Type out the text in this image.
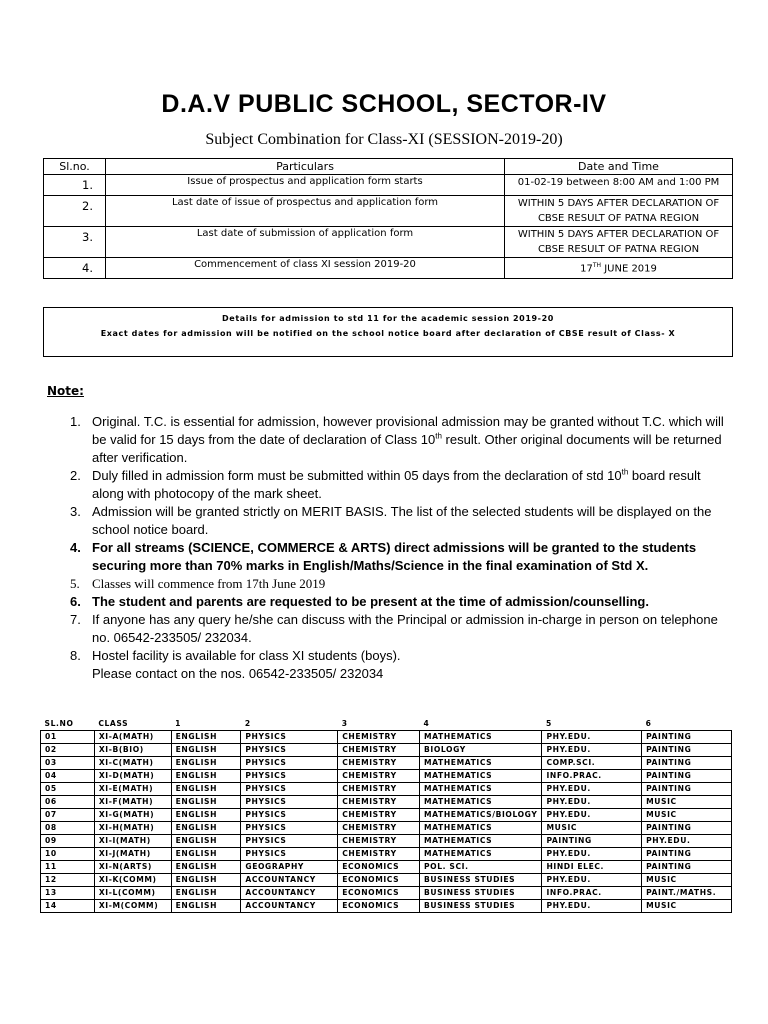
D.A.V PUBLIC SCHOOL, SECTOR-IV
Subject Combination for Class-XI (SESSION-2019-20)
Sl.no.	Particulars	Date and Time
1.	Issue of prospectus and application form starts	01-02-19 between 8:00 AM and 1:00 PM
2.	Last date of issue of prospectus and application form	WITHIN 5 DAYS AFTER DECLARATION OF CBSE RESULT OF PATNA REGION
3.	Last date of submission of application form	WITHIN 5 DAYS AFTER DECLARATION OF CBSE RESULT OF PATNA REGION
4.	Commencement of class XI session 2019-20	17TH JUNE 2019
Details for admission to std 11 for the academic session 2019-20
Exact dates for admission will be notified on the school notice board after declaration of CBSE result of Class- X
Note:
1. Original. T.C. is essential for admission, however provisional admission may be granted without T.C. which will be valid for 15 days from the date of declaration of Class 10th result. Other original documents will be returned after verification.
2. Duly filled in admission form must be submitted within 05 days from the declaration of std 10th board result along with photocopy of the mark sheet.
3. Admission will be granted strictly on MERIT BASIS. The list of the selected students will be displayed on the school notice board.
4. For all streams (SCIENCE, COMMERCE & ARTS) direct admissions will be granted to the students securing more than 70% marks in English/Maths/Science in the final examination of Std X.
5. Classes will commence from 17th June 2019
6. The student and parents are requested to be present at the time of admission/counselling.
7. If anyone has any query he/she can discuss with the Principal or admission in-charge in person on telephone no. 06542-233505/ 232034.
8. Hostel facility is available for class XI students (boys).
Please contact on the nos. 06542-233505/ 232034
SL.NO	CLASS	1	2	3	4	5	6
01	XI-A(MATH)	ENGLISH	PHYSICS	CHEMISTRY	MATHEMATICS	PHY.EDU.	PAINTING
02	XI-B(BIO)	ENGLISH	PHYSICS	CHEMISTRY	BIOLOGY	PHY.EDU.	PAINTING
03	XI-C(MATH)	ENGLISH	PHYSICS	CHEMISTRY	MATHEMATICS	COMP.SCI.	PAINTING
04	XI-D(MATH)	ENGLISH	PHYSICS	CHEMISTRY	MATHEMATICS	INFO.PRAC.	PAINTING
05	XI-E(MATH)	ENGLISH	PHYSICS	CHEMISTRY	MATHEMATICS	PHY.EDU.	PAINTING
06	XI-F(MATH)	ENGLISH	PHYSICS	CHEMISTRY	MATHEMATICS	PHY.EDU.	MUSIC
07	XI-G(MATH)	ENGLISH	PHYSICS	CHEMISTRY	MATHEMATICS/BIOLOGY	PHY.EDU.	MUSIC
08	XI-H(MATH)	ENGLISH	PHYSICS	CHEMISTRY	MATHEMATICS	MUSIC	PAINTING
09	XI-I(MATH)	ENGLISH	PHYSICS	CHEMISTRY	MATHEMATICS	PAINTING	PHY.EDU.
10	XI-J(MATH)	ENGLISH	PHYSICS	CHEMISTRY	MATHEMATICS	PHY.EDU.	PAINTING
11	XI-N(ARTS)	ENGLISH	GEOGRAPHY	ECONOMICS	POL. SCI.	HINDI ELEC.	PAINTING
12	XI-K(COMM)	ENGLISH	ACCOUNTANCY	ECONOMICS	BUSINESS STUDIES	PHY.EDU.	MUSIC
13	XI-L(COMM)	ENGLISH	ACCOUNTANCY	ECONOMICS	BUSINESS STUDIES	INFO.PRAC.	PAINT./MATHS.
14	XI-M(COMM)	ENGLISH	ACCOUNTANCY	ECONOMICS	BUSINESS STUDIES	PHY.EDU.	MUSIC
